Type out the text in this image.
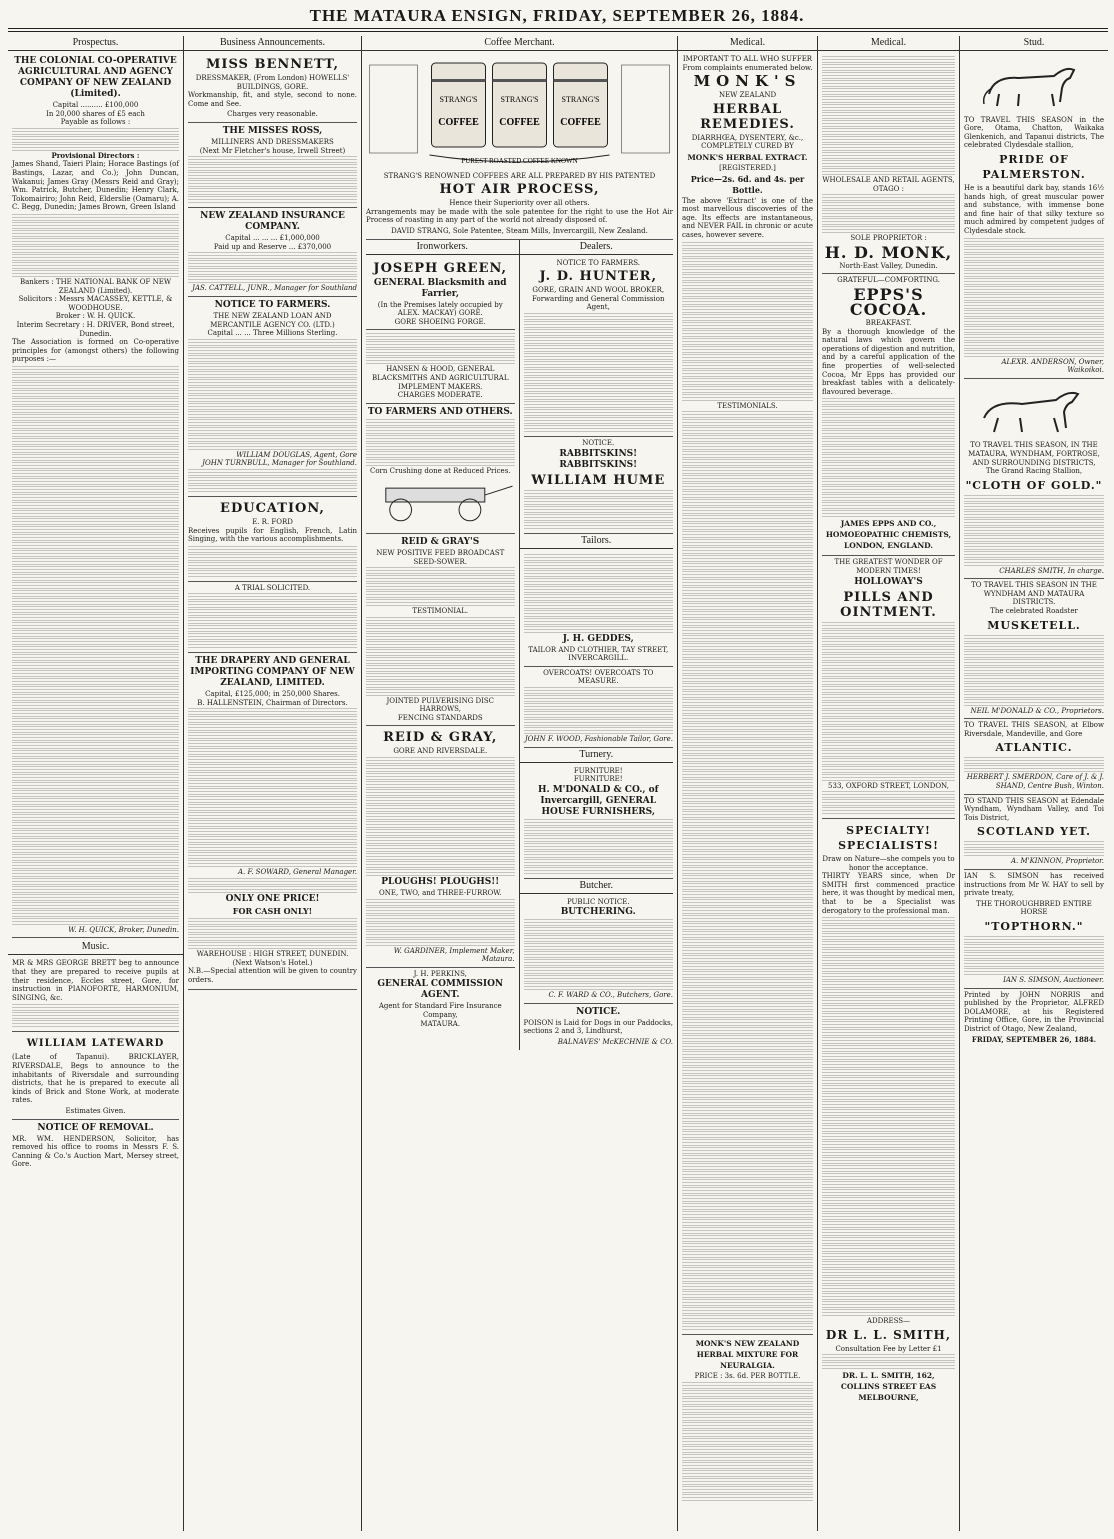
THE MATAURA ENSIGN, FRIDAY, SEPTEMBER 26, 1884.
Prospectus.
THE COLONIAL CO-OPERATIVE AGRICULTURAL AND AGENCY COMPANY OF NEW ZEALAND (Limited).
Capital .......... £100,000
In 20,000 shares of £5 each
Payable as follows :
Provisional Directors :

James Shand, Taieri Plain; Horace Bastings (of Bastings, Lazar, and Co.); John Duncan, Wakanui; James Gray (Messrs Reid and Gray); Wm. Patrick, Butcher, Dunedin; Henry Clark, Tokomairiro; John Reid, Elderslie (Oamaru); A. C. Begg, Dunedin; James Brown, Green Island

Bankers : THE NATIONAL BANK OF NEW ZEALAND (Limited).
Solicitors : Messrs MACASSEY, KETTLE, & WOODHOUSE.
Broker : W. H. QUICK.
Interim Secretary : H. DRIVER, Bond street, Dunedin.

The Association is formed on Co-operative principles for (amongst others) the following purposes :—

W. H. QUICK, Broker, Dunedin.
Music.

MR & MRS GEORGE BRETT beg to announce that they are prepared to receive pupils at their residence, Eccles street, Gore, for instruction in PIANOFORTE, HARMONIUM, SINGING, &c.

WILLIAM LATEWARD

(Late of Tapanui). BRICKLAYER, RIVERSDALE, Begs to announce to the inhabitants of Riversdale and surrounding districts, that he is prepared to execute all kinds of Brick and Stone Work, at moderate rates.

Estimates Given.
NOTICE OF REMOVAL.

MR. WM. HENDERSON, Solicitor, has removed his office to rooms in Messrs F. S. Canning & Co.'s Auction Mart, Mersey street, Gore.

Business Announcements.
MISS BENNETT,
DRESSMAKER, (From London) HOWELLS' BUILDINGS, GORE.

Workmanship, fit, and style, second to none. Come and See.

Charges very reasonable.
THE MISSES ROSS,
MILLINERS AND DRESSMAKERS
(Next Mr Fletcher's house, Irwell Street)
NEW ZEALAND INSURANCE COMPANY.
Capital ... ... ... £1,000,000
Paid up and Reserve ... £370,000
JAS. CATTELL, JUNR., Manager for Southland
NOTICE TO FARMERS.
THE NEW ZEALAND LOAN AND MERCANTILE AGENCY CO. (LTD.)
Capital ... ... Three Millions Sterling.
WILLIAM DOUGLAS, Agent, Gore
JOHN TURNBULL, Manager for Southland.
EDUCATION,
E. R. FORD

Receives pupils for English, French, Latin Singing, with the various accomplishments.

A TRIAL SOLICITED.
THE DRAPERY AND GENERAL IMPORTING COMPANY OF NEW ZEALAND, LIMITED.
Capital, £125,000; in 250,000 Shares.
B. HALLENSTEIN, Chairman of Directors.
A. F. SOWARD, General Manager.
ONLY ONE PRICE!
FOR CASH ONLY!
WAREHOUSE : HIGH STREET, DUNEDIN. (Next Watson's Hotel.)

N.B.—Special attention will be given to country orders.

Coffee Merchant.
STRANG'S	STRANG'S	STRANG'S
COFFEE COFFEE COFFEE
PUREST ROASTED COFFEE KNOWN
STRANG'S RENOWNED COFFEES ARE ALL PREPARED BY HIS PATENTED
HOT AIR PROCESS,
Hence their Superiority over all others.

Arrangements may be made with the sole patentee for the right to use the Hot Air Process of roasting in any part of the world not already disposed of.

DAVID STRANG, Sole Patentee, Steam Mills, Invercargill, New Zealand.
Ironworkers.
JOSEPH GREEN,
GENERAL Blacksmith and Farrier,
(In the Premises lately occupied by ALEX. MACKAY) GORE.
GORE SHOEING FORGE.
HANSEN & HOOD, GENERAL BLACKSMITHS AND AGRICULTURAL IMPLEMENT MAKERS.
CHARGES MODERATE.
TO FARMERS AND OTHERS.
Corn Crushing done at Reduced Prices.
REID & GRAY'S
NEW POSITIVE FEED BROADCAST SEED-SOWER.
TESTIMONIAL.
JOINTED PULVERISING DISC HARROWS,
FENCING STANDARDS
REID & GRAY,
GORE AND RIVERSDALE.
PLOUGHS! PLOUGHS!!
ONE, TWO, and THREE-FURROW.
W. GARDINER, Implement Maker, Mataura.
J. H. PERKINS,
GENERAL COMMISSION AGENT.
Agent for Standard Fire Insurance Company,
MATAURA.
Dealers.
NOTICE TO FARMERS.
J. D. HUNTER,
GORE, GRAIN AND WOOL BROKER, Forwarding and General Commission Agent,
NOTICE.
RABBITSKINS! RABBITSKINS!
WILLIAM HUME
Tailors.
J. H. GEDDES,
TAILOR AND CLOTHIER, TAY STREET, INVERCARGILL.
OVERCOATS! OVERCOATS TO MEASURE.
JOHN F. WOOD, Fashionable Tailor, Gore.
Turnery.
FURNITURE!
FURNITURE!
H. M'DONALD & CO., of Invercargill, GENERAL HOUSE FURNISHERS,
Butcher.
PUBLIC NOTICE.
BUTCHERING.
C. F. WARD & CO., Butchers, Gore.
NOTICE.

POISON is Laid for Dogs in our Paddocks, sections 2 and 3, Lindhurst,

BALNAVES' McKECHNIE & CO.
Medical.
IMPORTANT TO ALL WHO SUFFER From complaints enumerated below.
MONK'S
NEW ZEALAND
HERBAL REMEDIES.
DIARRHŒA, DYSENTERY, &c.,
COMPLETELY CURED BY
MONK'S HERBAL EXTRACT.
[REGISTERED.]
Price—2s. 6d. and 4s. per Bottle.

The above 'Extract' is one of the most marvellous discoveries of the age. Its effects are instantaneous, and NEVER FAIL in chronic or acute cases, however severe.

TESTIMONIALS.
MONK'S NEW ZEALAND HERBAL MIXTURE FOR NEURALGIA.
PRICE : 3s. 6d. PER BOTTLE.
Medical.
WHOLESALE AND RETAIL AGENTS, OTAGO :
SOLE PROPRIETOR :
H. D. MONK,
North-East Valley, Dunedin.
GRATEFUL—COMFORTING.
EPPS'S COCOA.
BREAKFAST.

By a thorough knowledge of the natural laws which govern the operations of digestion and nutrition, and by a careful application of the fine properties of well-selected Cocoa, Mr Epps has provided our breakfast tables with a delicately-flavoured beverage.

JAMES EPPS AND CO., HOMOEOPATHIC CHEMISTS, LONDON, ENGLAND.
THE GREATEST WONDER OF MODERN TIMES!
HOLLOWAY'S
PILLS AND OINTMENT.
533, OXFORD STREET, LONDON,
SPECIALTY! SPECIALISTS!
Draw on Nature—she compels you to honor the acceptance.

THIRTY YEARS since, when Dr SMITH first commenced practice here, it was thought by medical men, that to be a Specialist was derogatory to the professional man.

ADDRESS—
DR L. L. SMITH,
Consultation Fee by Letter £1
DR. L. L. SMITH, 162, COLLINS STREET EAS MELBOURNE,
Stud.

TO TRAVEL THIS SEASON in the Gore, Otama, Chatton, Waikaka Glenkenich, and Tapanui districts, The celebrated Clydesdale stallion,

PRIDE OF PALMERSTON.

He is a beautiful dark bay, stands 16½ hands high, of great muscular power and substance, with immense bone and fine hair of that silky texture so much admired by competent judges of Clydesdale stock.

ALEXR. ANDERSON, Owner, Waikoikoi.
TO TRAVEL THIS SEASON, IN THE MATAURA, WYNDHAM, FORTROSE, AND SURROUNDING DISTRICTS,
The Grand Racing Stallion,
"CLOTH OF GOLD."
CHARLES SMITH, In charge.
TO TRAVEL THIS SEASON IN THE WYNDHAM AND MATAURA DISTRICTS.
The celebrated Roadster
MUSKETELL.
NEIL M'DONALD & CO., Proprietors.

TO TRAVEL THIS SEASON, at Elbow Riversdale, Mandeville, and Gore

ATLANTIC.
HERBERT J. SMERDON, Care of J. & J. SHAND, Centre Bush, Winton.

TO STAND THIS SEASON at Edendale Wyndham, Wyndham Valley, and Toi Tois District,

SCOTLAND YET.
A. M'KINNON, Proprietor.

IAN S. SIMSON has received instructions from Mr W. HAY to sell by private treaty,

THE THOROUGHBRED ENTIRE HORSE
"TOPTHORN."
IAN S. SIMSON, Auctioneer.

Printed by JOHN NORRIS and published by the Proprietor, ALFRED DOLAMORE, at his Registered Printing Office, Gore, in the Provincial District of Otago, New Zealand,

FRIDAY, SEPTEMBER 26, 1884.
